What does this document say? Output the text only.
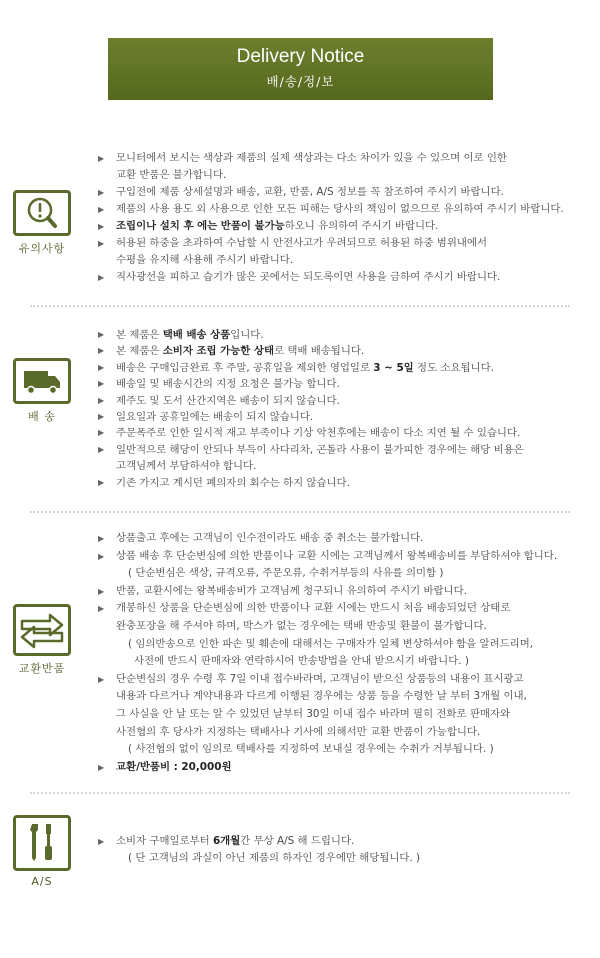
Delivery Notice
배/송/정/보
유의사항
▶ 모니터에서 보시는 색상과 제품의 실제 색상과는 다소 차이가 있을 수 있으며 이로 인한
교환 반품은 불가합니다.
▶ 구입전에 제품 상세설명과 배송, 교환, 반품, A/S 정보를 꼭 참조하여 주시기 바랍니다.
▶ 제품의 사용 용도 외 사용으로 인한 모든 피해는 당사의 책임이 없으므로 유의하여 주시기 바랍니다.
▶ 조립이나 설치 후 에는 반품이 불가능하오니 유의하여 주시기 바랍니다.
▶ 허용된 하중을 초과하여 수납할 시 안전사고가 우려되므로 허용된 하중 범위내에서
수평을 유지해 사용해 주시기 바랍니다.
▶ 직사광선을 피하고 습기가 많은 곳에서는 되도록이면 사용을 금하여 주시기 바랍니다.
배 송
▶ 본 제품은 택배 배송 상품입니다.
▶ 본 제품은 소비자 조립 가능한 상태로 택배 배송됩니다.
▶ 배송은 구매입금완료 후 주말, 공휴일을 제외한 영업일로 3 ~ 5일 정도 소요됩니다.
▶ 배송일 및 배송시간의 지정 요청은 불가능 합니다.
▶ 제주도 및 도서 산간지역은 배송이 되지 않습니다.
▶ 일요일과 공휴일에는 배송이 되지 않습니다.
▶ 주문폭주로 인한 일시적 재고 부족이나 기상 악천후에는 배송이 다소 지연 될 수 있습니다.
▶ 일반적으로 해당이 안되나 부득이 사다리차, 곤돌라 사용이 불가피한 경우에는 해당 비용은
고객님께서 부담하셔야 합니다.
▶ 기존 가지고 계시던 폐의자의 회수는 하지 않습니다.
교환반품
▶ 상품출고 후에는 고객님이 인수전이라도 배송 중 취소는 불가합니다.
▶ 상품 배송 후 단순변심에 의한 반품이나 교환 시에는 고객님께서 왕복배송비를 부담하셔야 합니다.
( 단순변심은 색상, 규격오류, 주문오류, 수취거부등의 사유를 의미함 )
▶ 반품, 교환시에는 왕복배송비가 고객님께 청구되니 유의하여 주시기 바랍니다.
▶ 개봉하신 상품을 단순변심에 의한 반품이나 교환 시에는 반드시 처음 배송되었던 상태로
완충포장을 해 주셔야 하며, 박스가 없는 경우에는 택배 반송및 환불이 불가합니다.
( 임의반송으로 인한 파손 및 훼손에 대해서는 구매자가 일체 변상하셔야 함을 알려드리며,
사전에 반드시 판매자와 연락하시어 반송방법을 안내 받으시기 바랍니다. )
▶ 단순변심의 경우 수령 후 7일 이내 접수바라며, 고객님이 받으신 상품등의 내용이 표시광고
내용과 다르거나 계약내용과 다르게 이행된 경우에는 상품 등을 수령한 날 부터 3개월 이내,
그 사실을 안 날 또는 알 수 있었던 날부터 30일 이내 접수 바라며 필히 전화로 판매자와
사전협의 후 당사가 지정하는 택배사나 기사에 의해서만 교환 반품이 가능합니다.
( 사전협의 없이 임의로 택배사를 지정하여 보내실 경우에는 수취가 거부됩니다. )
▶ 교환/반품비 : 20,000원
A/S
▶ 소비자 구매일로부터 6개월간 무상 A/S 해 드립니다.
( 단 고객님의 과실이 아닌 제품의 하자인 경우에만 해당됩니다. )
